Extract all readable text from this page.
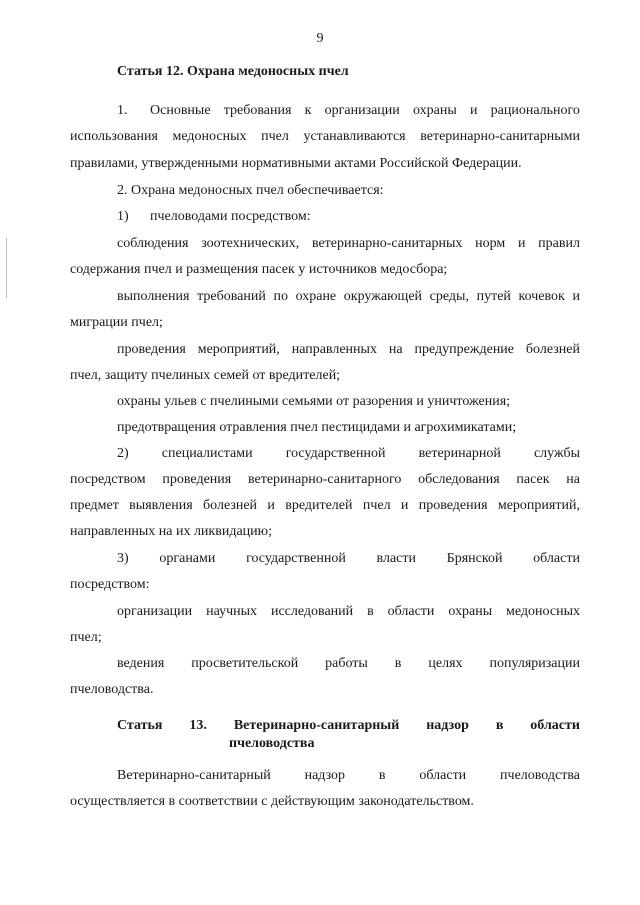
9
Статья 12. Охрана медоносных пчел
1. Основные требования к организации охраны и рационального
использования медоносных пчел устанавливаются ветеринарно-санитарными
правилами, утвержденными нормативными актами Российской Федерации.
2. Охрана медоносных пчел обеспечивается:
1) пчеловодами посредством:
соблюдения зоотехнических, ветеринарно-санитарных норм и правил
содержания пчел и размещения пасек у источников медосбора;
выполнения требований по охране окружающей среды, путей кочевок и
миграции пчел;
проведения мероприятий, направленных на предупреждение болезней
пчел, защиту пчелиных семей от вредителей;
охраны ульев с пчелиными семьями от разорения и уничтожения;
предотвращения отравления пчел пестицидами и агрохимикатами;
2) специалистами государственной ветеринарной службы
посредством проведения ветеринарно-санитарного обследования пасек на
предмет выявления болезней и вредителей пчел и проведения мероприятий,
направленных на их ликвидацию;
3) органами государственной власти Брянской области
посредством:
организации научных исследований в области охраны медоносных
пчел;
ведения просветительской работы в целях популяризации
пчеловодства.
Статья 13. Ветеринарно-санитарный надзор в области
пчеловодства
Ветеринарно-санитарный надзор в области пчеловодства
осуществляется в соответствии с действующим законодательством.
